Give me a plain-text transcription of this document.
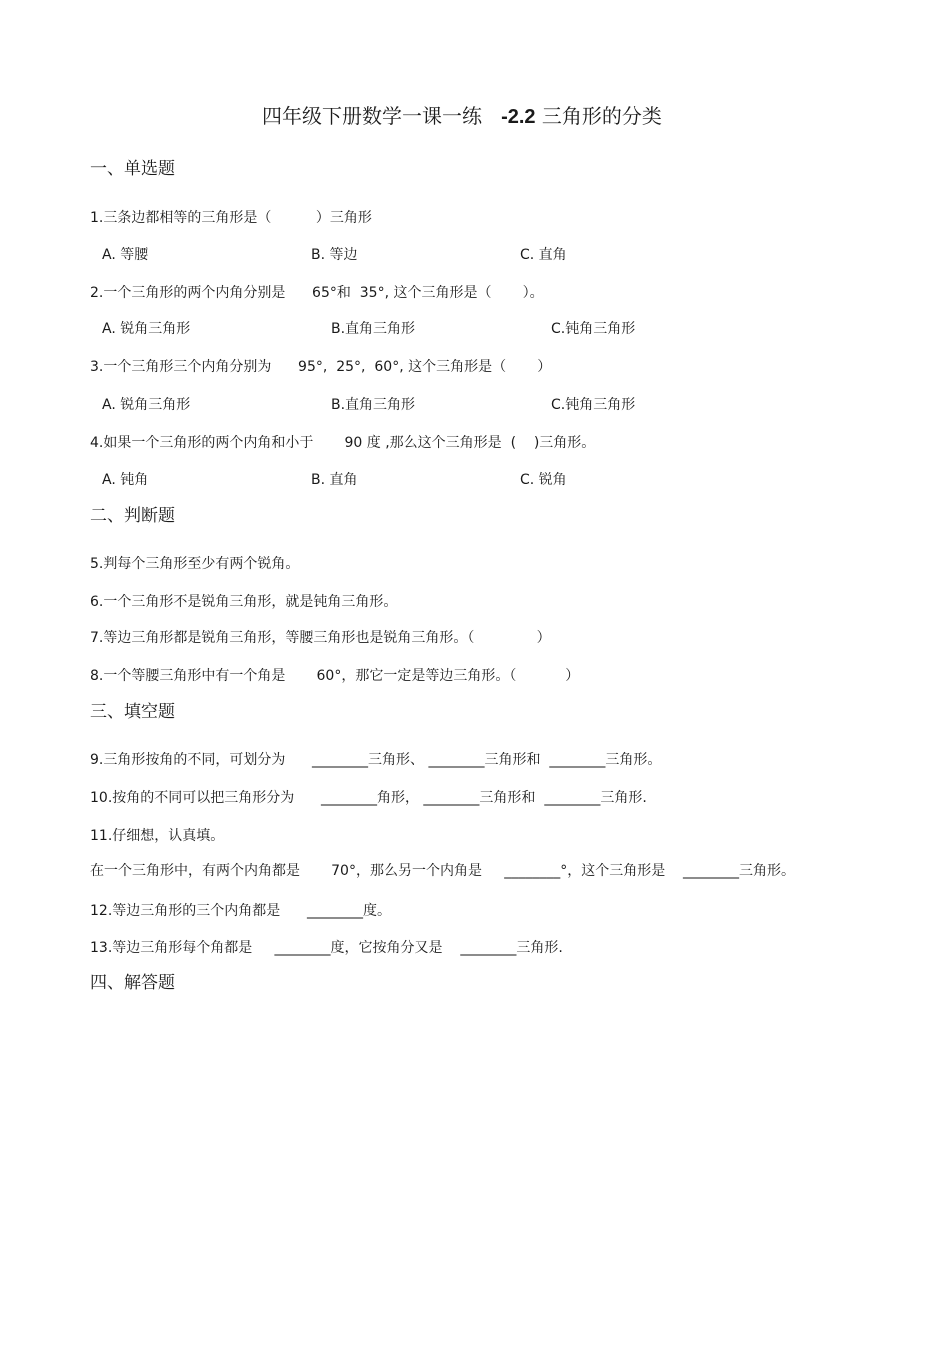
四年级下册数学一课一练   -2.2 三角形的分类
一、单选题
1.三条边都相等的三角形是（          ）三角形
A. 等腰	B. 等边	C. 直角
2.一个三角形的两个内角分别是      65°和  35°, 这个三角形是（       ）。
A. 锐角三角形	B.直角三角形	C.钝角三角形
3.一个三角形三个内角分别为      95°,  25°,  60°, 这个三角形是（       ）
A. 锐角三角形	B.直角三角形	C.钝角三角形
4.如果一个三角形的两个内角和小于       90 度 ,那么这个三角形是  (    )三角形。
A. 钝角	B. 直角	C. 锐角
二、判断题
5.判每个三角形至少有两个锐角。
6.一个三角形不是锐角三角形，就是钝角三角形。
7.等边三角形都是锐角三角形，等腰三角形也是锐角三角形。（              ）
8.一个等腰三角形中有一个角是       60°，那它一定是等边三角形。（           ）
三、填空题
9.三角形按角的不同，可划分为      ________三角形、 ________三角形和  ________三角形。
10.按角的不同可以把三角形分为      ________角形， ________三角形和  ________三角形.
11.仔细想，认真填。
在一个三角形中，有两个内角都是       70°，那么另一个内角是     ________°，这个三角形是    ________三角形。
12.等边三角形的三个内角都是      ________度。
13.等边三角形每个角都是     ________度，它按角分又是    ________三角形.
四、解答题
